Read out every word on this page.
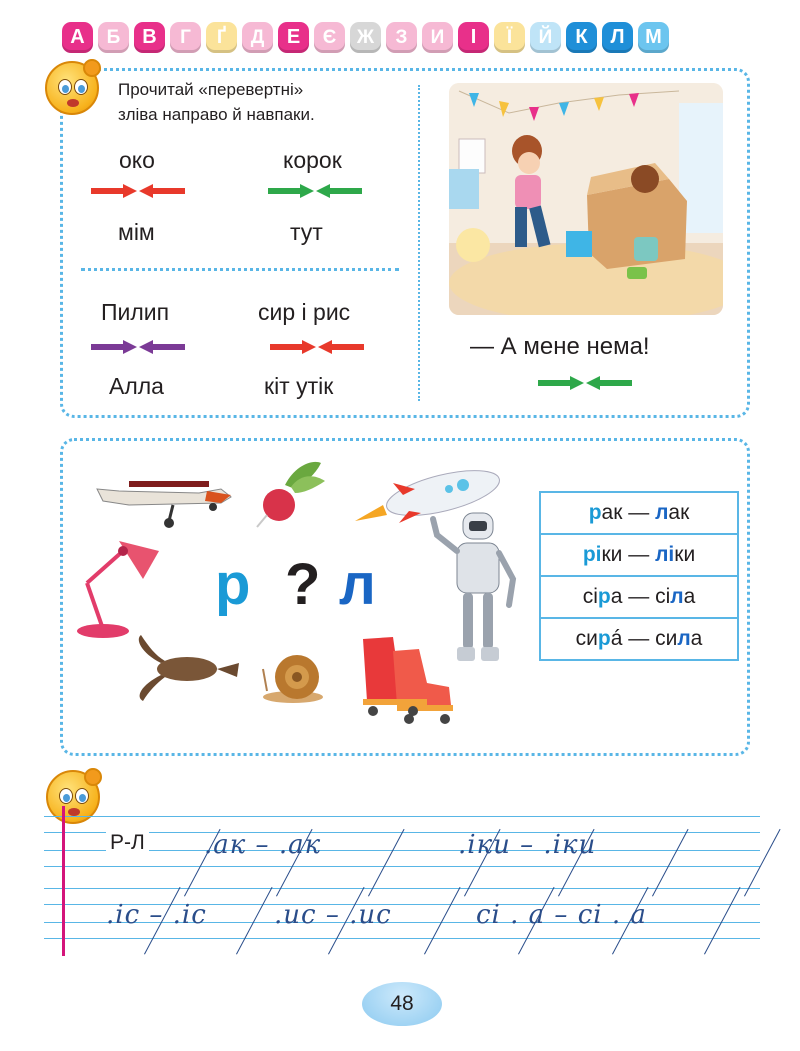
А	Б	В	Г	Ґ	Д	Е	Є	Ж	З	И	І	Ї	Й	К	Л	М
Прочитай «перевертні»
зліва направо й навпаки.
око
мім
корок
тут
Пилип
Алла
сир і рис
кіт утік
— А мене нема!
р ? л
рак — лак
ріки — ліки
сіра — сіла
сирá — сила
Р-Л .ак – .ак	.іки – .іки
.іс – .іс	.ис – .ис	сі . а – сі . а
48
